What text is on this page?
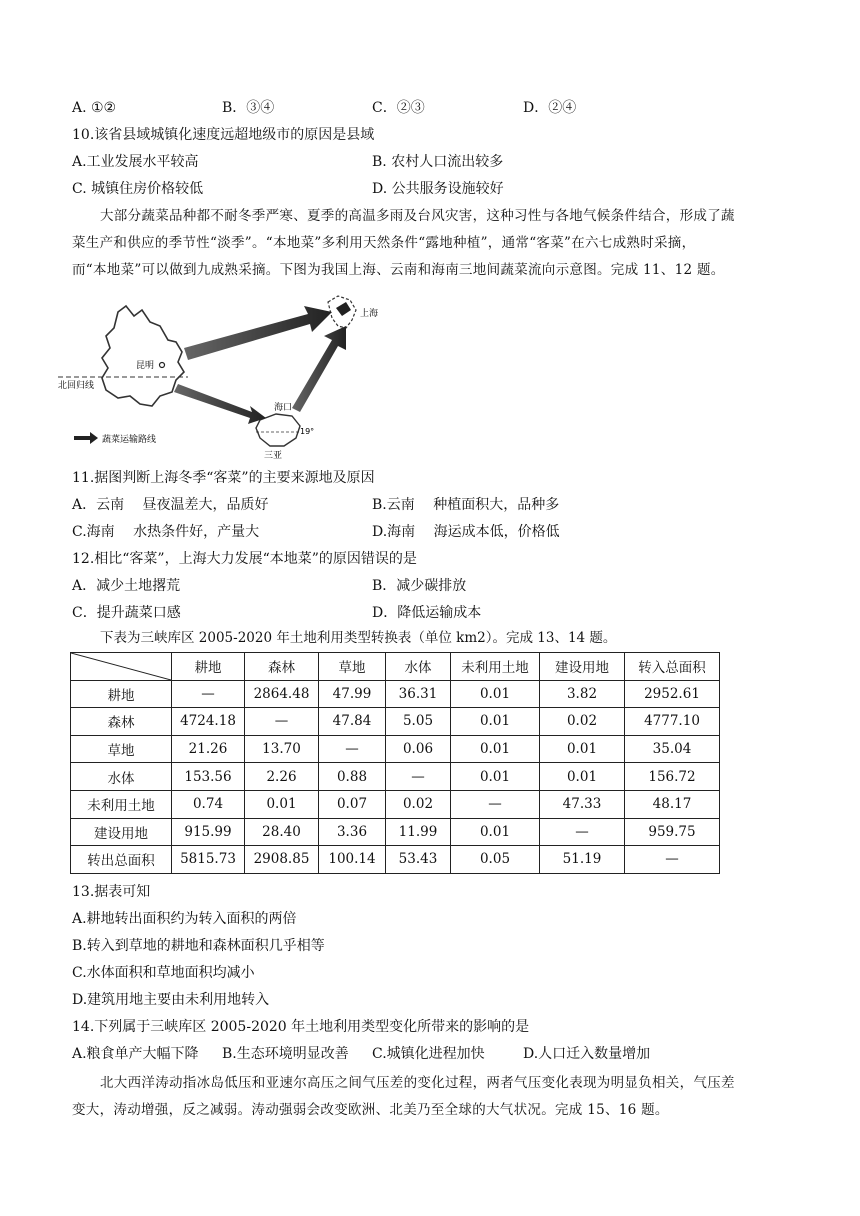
A. ①②	B．③④	C．②③	D．②④
10.该省县域城镇化速度远超地级市的原因是县域
A.工业发展水平较高	B. 农村人口流出较多
C. 城镇住房价格较低	D. 公共服务设施较好
大部分蔬菜品种都不耐冬季严寒、夏季的高温多雨及台风灾害，这种习性与各地气候条件结合，形成了蔬
菜生产和供应的季节性“淡季”。“本地菜”多利用天然条件“露地种植”，通常“客菜”在六七成熟时采摘，
而“本地菜”可以做到九成熟采摘。下图为我国上海、云南和海南三地间蔬菜流向示意图。完成 11、12 题。
北回归线
昆明
上海
海口
19°
三亚
蔬菜运输路线
11.据图判断上海冬季“客菜”的主要来源地及原因
A．云南　 昼夜温差大，品质好	B.云南　 种植面积大，品种多
C.海南　 水热条件好，产量大	D.海南　 海运成本低，价格低
12.相比“客菜”，上海大力发展“本地菜”的原因错误的是
A．减少土地撂荒	B．减少碳排放
C．提升蔬菜口感	D．降低运输成本
下表为三峡库区 2005-2020 年土地利用类型转换表（单位 km2）。完成 13、14 题。
	耕地	森林	草地	水体	未利用土地	建设用地	转入总面积
耕地	—	2864.48	47.99	36.31	0.01	3.82	2952.61
森林	4724.18	—	47.84	5.05	0.01	0.02	4777.10
草地	21.26	13.70	—	0.06	0.01	0.01	35.04
水体	153.56	2.26	0.88	—	0.01	0.01	156.72
未利用土地	0.74	0.01	0.07	0.02	—	47.33	48.17
建设用地	915.99	28.40	3.36	11.99	0.01	—	959.75
转出总面积	5815.73	2908.85	100.14	53.43	0.05	51.19	—
13.据表可知
A.耕地转出面积约为转入面积的两倍
B.转入到草地的耕地和森林面积几乎相等
C.水体面积和草地面积均减小
D.建筑用地主要由未利用地转入
14.下列属于三峡库区 2005-2020 年土地利用类型变化所带来的影响的是
A.粮食单产大幅下降 B.生态环境明显改善 C.城镇化进程加快	D.人口迁入数量增加
北大西洋涛动指冰岛低压和亚速尔高压之间气压差的变化过程，两者气压变化表现为明显负相关，气压差
变大，涛动增强，反之减弱。涛动强弱会改变欧洲、北美乃至全球的大气状况。完成 15、16 题。
